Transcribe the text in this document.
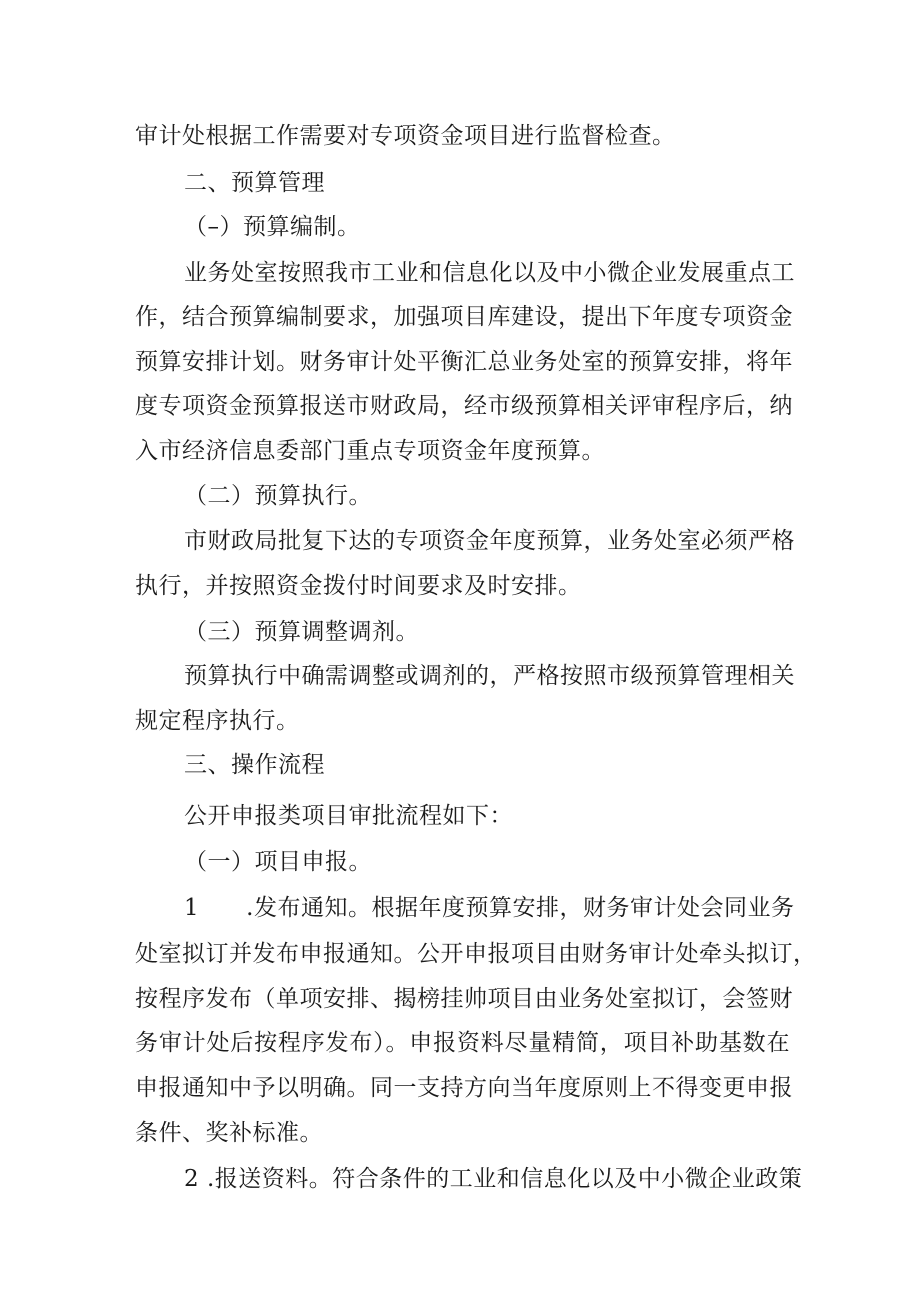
审计处根据工作需要对专项资金项目进行监督检查。
二、预算管理
（–）预算编制。
业务处室按照我市工业和信息化以及中小微企业发展重点工
作，结合预算编制要求，加强项目库建设，提出下年度专项资金
预算安排计划。财务审计处平衡汇总业务处室的预算安排，将年
度专项资金预算报送市财政局，经市级预算相关评审程序后，纳
入市经济信息委部门重点专项资金年度预算。
（二）预算执行。
市财政局批复下达的专项资金年度预算，业务处室必须严格
执行，并按照资金拨付时间要求及时安排。
（三）预算调整调剂。
预算执行中确需调整或调剂的，严格按照市级预算管理相关
规定程序执行。
三、操作流程
公开申报类项目审批流程如下：
（一）项目申报。
1　　.发布通知。根据年度预算安排，财务审计处会同业务
处室拟订并发布申报通知。公开申报项目由财务审计处牵头拟订，
按程序发布（单项安排、揭榜挂帅项目由业务处室拟订，会签财
务审计处后按程序发布）。申报资料尽量精简，项目补助基数在
申报通知中予以明确。同一支持方向当年度原则上不得变更申报
条件、奖补标准。
2 .报送资料。符合条件的工业和信息化以及中小微企业政策
